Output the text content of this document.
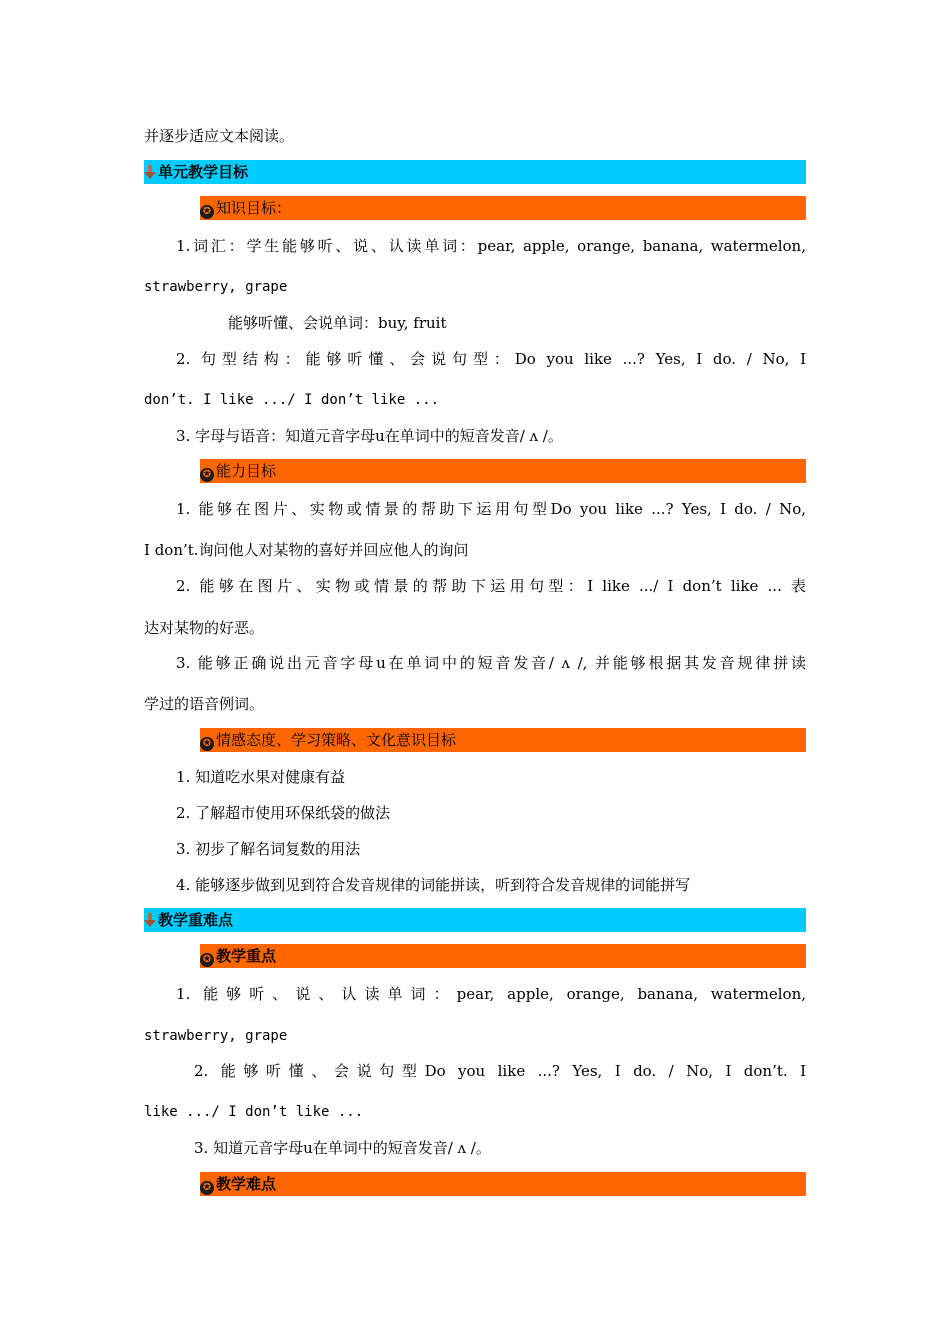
并逐步适应文本阅读。
单元教学目标
✪ 知识目标：
1.词汇：学生能够听、说、认读单词：pear, apple, orange, banana, watermelon,
strawberry, grape
能够听懂、会说单词：buy, fruit
2. 句型结构：能够听懂、会说句型：Do you like ...? Yes, I do. / No, I
don’t. I like .../ I don’t like ...
3. 字母与语音：知道元音字母u在单词中的短音发音/ ʌ /。
✪ 能力目标
1. 能够在图片、实物或情景的帮助下运用句型Do you like ...? Yes, I do. / No,
I don’t.询问他人对某物的喜好并回应他人的询问
2. 能够在图片、实物或情景的帮助下运用句型：I like .../ I don’t like ... 表
达对某物的好恶。
3. 能够正确说出元音字母u在单词中的短音发音/ ʌ /, 并能够根据其发音规律拼读
学过的语音例词。
✪ 情感态度、学习策略、文化意识目标
1. 知道吃水果对健康有益
2. 了解超市使用环保纸袋的做法
3. 初步了解名词复数的用法
4. 能够逐步做到见到符合发音规律的词能拼读，听到符合发音规律的词能拼写
教学重难点
✪ 教学重点
1. 能够听、说、认读单词：pear, apple, orange, banana, watermelon,
strawberry, grape
2. 能够听懂、会说句型Do you like ...? Yes, I do. / No, I don’t. I
like .../ I don’t like ...
3. 知道元音字母u在单词中的短音发音/ ʌ /。
✪ 教学难点
